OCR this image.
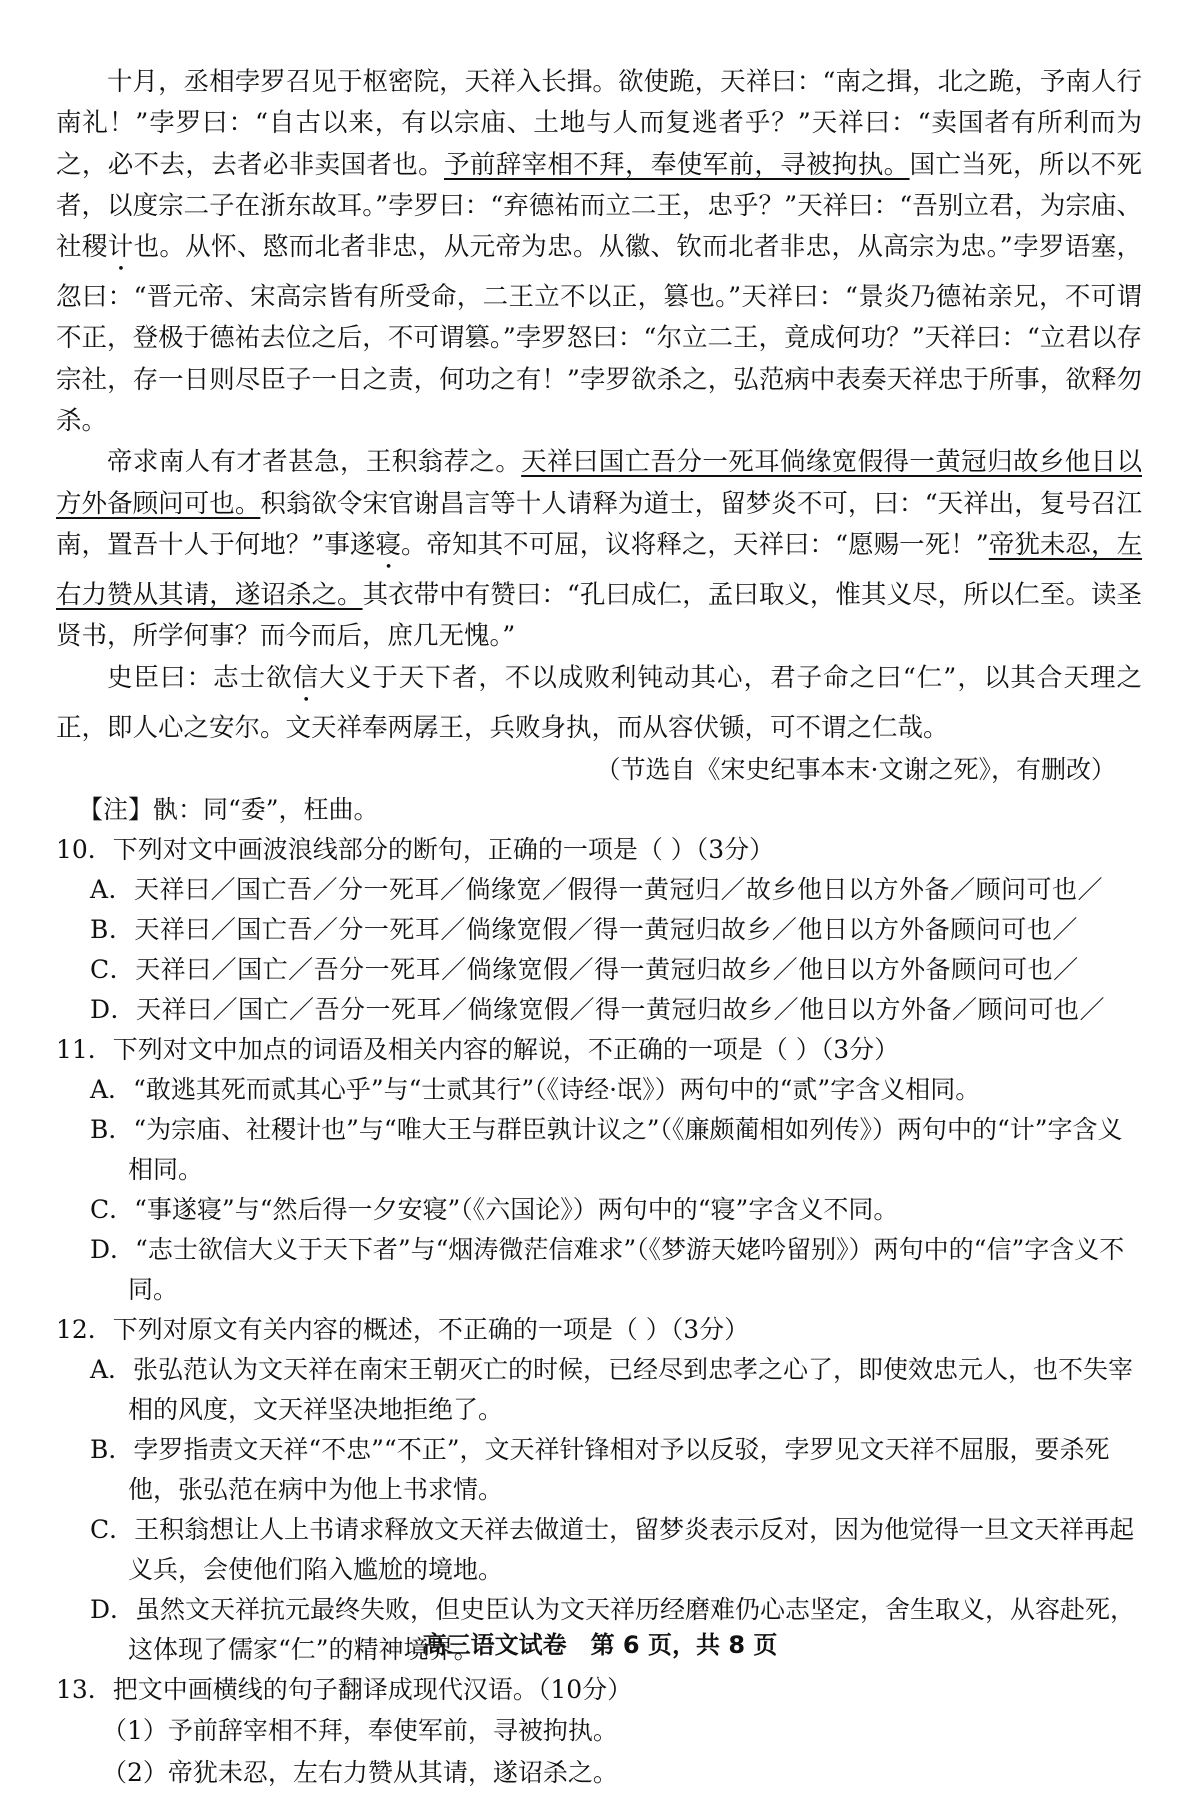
十月，丞相孛罗召见于枢密院，天祥入长揖。欲使跪，天祥曰：“南之揖，北之跪，予南人行南礼！”孛罗曰：“自古以来，有以宗庙、土地与人而复逃者乎？”天祥曰：“卖国者有所利而为之，必不去，去者必非卖国者也。予前辞宰相不拜，奉使军前，寻被拘执。国亡当死，所以不死者，以度宗二子在浙东故耳。”孛罗曰：“弃德祐而立二王，忠乎？”天祥曰：“吾别立君，为宗庙、社稷计也。从怀、愍而北者非忠，从元帝为忠。从徽、钦而北者非忠，从高宗为忠。”孛罗语塞，忽曰：“晋元帝、宋高宗皆有所受命，二王立不以正，篡也。”天祥曰：“景炎乃德祐亲兄，不可谓不正，登极于德祐去位之后，不可谓篡。”孛罗怒曰：“尔立二王，竟成何功？”天祥曰：“立君以存宗社，存一日则尽臣子一日之责，何功之有！”孛罗欲杀之，弘范病中表奏天祥忠于所事，欲释勿杀。

帝求南人有才者甚急，王积翁荐之。天祥曰国亡吾分一死耳倘缘宽假得一黄冠归故乡他日以方外备顾问可也。积翁欲令宋官谢昌言等十人请释为道士，留梦炎不可，曰：“天祥出，复号召江南，置吾十人于何地？”事遂寝。帝知其不可屈，议将释之，天祥曰：“愿赐一死！”帝犹未忍，左右力赞从其请，遂诏杀之。其衣带中有赞曰：“孔曰成仁，孟曰取义，惟其义尽，所以仁至。读圣贤书，所学何事？而今而后，庶几无愧。”

史臣曰：志士欲信大义于天下者，不以成败利钝动其心，君子命之曰“仁”，以其合天理之正，即人心之安尔。文天祥奉两孱王，兵败身执，而从容伏锧，可不谓之仁哉。

（节选自《宋史纪事本末·文谢之死》，有删改）

【注】骫：同“委”，枉曲。

10．下列对文中画波浪线部分的断句，正确的一项是（ ）（3分）

A．天祥曰／国亡吾／分一死耳／倘缘宽／假得一黄冠归／故乡他日以方外备／顾问可也／

B．天祥曰／国亡吾／分一死耳／倘缘宽假／得一黄冠归故乡／他日以方外备顾问可也／

C．天祥曰／国亡／吾分一死耳／倘缘宽假／得一黄冠归故乡／他日以方外备顾问可也／

D．天祥曰／国亡／吾分一死耳／倘缘宽假／得一黄冠归故乡／他日以方外备／顾问可也／

11．下列对文中加点的词语及相关内容的解说，不正确的一项是（ ）（3分）

A．“敢逃其死而贰其心乎”与“士贰其行”（《诗经·氓》）两句中的“贰”字含义相同。

B．“为宗庙、社稷计也”与“唯大王与群臣孰计议之”（《廉颇蔺相如列传》）两句中的“计”字含义相同。

C．“事遂寝”与“然后得一夕安寝”（《六国论》）两句中的“寝”字含义不同。

D．“志士欲信大义于天下者”与“烟涛微茫信难求”（《梦游天姥吟留别》）两句中的“信”字含义不同。

12．下列对原文有关内容的概述，不正确的一项是（ ）（3分）

A．张弘范认为文天祥在南宋王朝灭亡的时候，已经尽到忠孝之心了，即使效忠元人，也不失宰相的风度，文天祥坚决地拒绝了。

B．孛罗指责文天祥“不忠”“不正”，文天祥针锋相对予以反驳，孛罗见文天祥不屈服，要杀死他，张弘范在病中为他上书求情。

C．王积翁想让人上书请求释放文天祥去做道士，留梦炎表示反对，因为他觉得一旦文天祥再起义兵，会使他们陷入尴尬的境地。

D．虽然文天祥抗元最终失败，但史臣认为文天祥历经磨难仍心志坚定，舍生取义，从容赴死，这体现了儒家“仁”的精神境界。

13．把文中画横线的句子翻译成现代汉语。（10分）

（1）予前辞宰相不拜，奉使军前，寻被拘执。

（2）帝犹未忍，左右力赞从其请，遂诏杀之。

高三语文试卷　第 6 页，共 8 页
